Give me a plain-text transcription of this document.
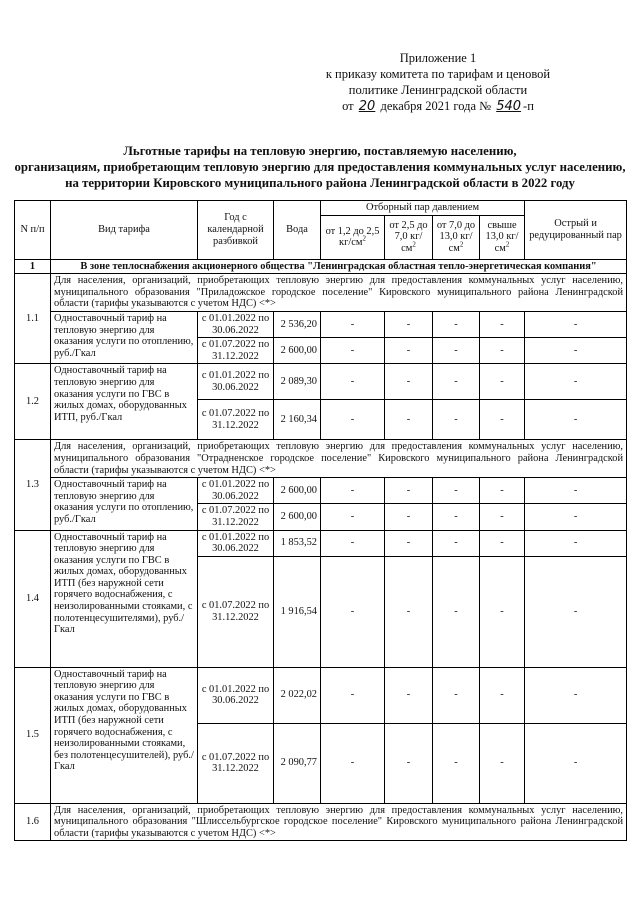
Приложение 1
к приказу комитета по тарифам и ценовой
политике Ленинградской области
от 20 декабря 2021 года № 540 -п
Льготные тарифы на тепловую энергию, поставляемую населению,
организациям, приобретающим тепловую энергию для предоставления коммунальных услуг населению,
на территории Кировского муниципального района Ленинградской области в 2022 году
N п/п	Вид тарифа	Год с календарной разбивкой	Вода	Отборный пар давлением				Острый и редуцированный пар
				от 1,2 до 2,5 $кг/см^2$	от 2,5 до 7,0 $кг/см^2$	от 7,0 до 13,0 $кг/см^2$	свыше 13,0 $кг/см^2$
1	В зоне теплоснабжения акционерного общества "Ленинградская областная тепло-энергетическая компания"							
1.1	Для населения, организаций, приобретающих тепловую энергию для предоставления коммунальных услуг населению, муниципального образования "Приладожское городское поселение" Кировского муниципального района Ленинградской области (тарифы указываются с учетом НДС) <*>							
	Одноставочный тариф на тепловую энергию для оказания услуги по отоплению, руб./Гкал	с 01.01.2022 по 30.06.2022	2 536,20	-	-	-	-	-
		с 01.07.2022 по 31.12.2022	2 600,00	-	-	-	-	-
1.2	Одноставочный тариф на тепловую энергию для оказания услуги по ГВС в жилых домах, оборудованных ИТП, руб./Гкал	с 01.01.2022 по 30.06.2022	2 089,30	-	-	-	-	-
		с 01.07.2022 по 31.12.2022	2 160,34	-	-	-	-	-
1.3	Для населения, организаций, приобретающих тепловую энергию для предоставления коммунальных услуг населению, муниципального образования "Отрадненское городское поселение" Кировского муниципального района Ленинградской области (тарифы указываются с учетом НДС) <*>							
	Одноставочный тариф на тепловую энергию для оказания услуги по отоплению, руб./Гкал	с 01.01.2022 по 30.06.2022	2 600,00	-	-	-	-	-
		с 01.07.2022 по 31.12.2022	2 600,00	-	-	-	-	-
1.4	Одноставочный тариф на тепловую энергию для оказания услуги по ГВС в жилых домах, оборудованных ИТП (без наружной сети горячего водоснабжения, с неизолированными стояками, с полотенцесушителями), руб./Гкал	с 01.01.2022 по 30.06.2022	1 853,52	-	-	-	-	-
		с 01.07.2022 по 31.12.2022	1 916,54	-	-	-	-	-
1.5	Одноставочный тариф на тепловую энергию для оказания услуги по ГВС в жилых домах, оборудованных ИТП (без наружной сети горячего водоснабжения, с неизолированными стояками, без полотенцесушителей), руб./Гкал	с 01.01.2022 по 30.06.2022	2 022,02	-	-	-	-	-
		с 01.07.2022 по 31.12.2022	2 090,77	-	-	-	-	-
1.6	Для населения, организаций, приобретающих тепловую энергию для предоставления коммунальных услуг населению, муниципального образования "Шлиссельбургское городское поселение" Кировского муниципального района Ленинградской области (тарифы указываются с учетом НДС) <*>							
